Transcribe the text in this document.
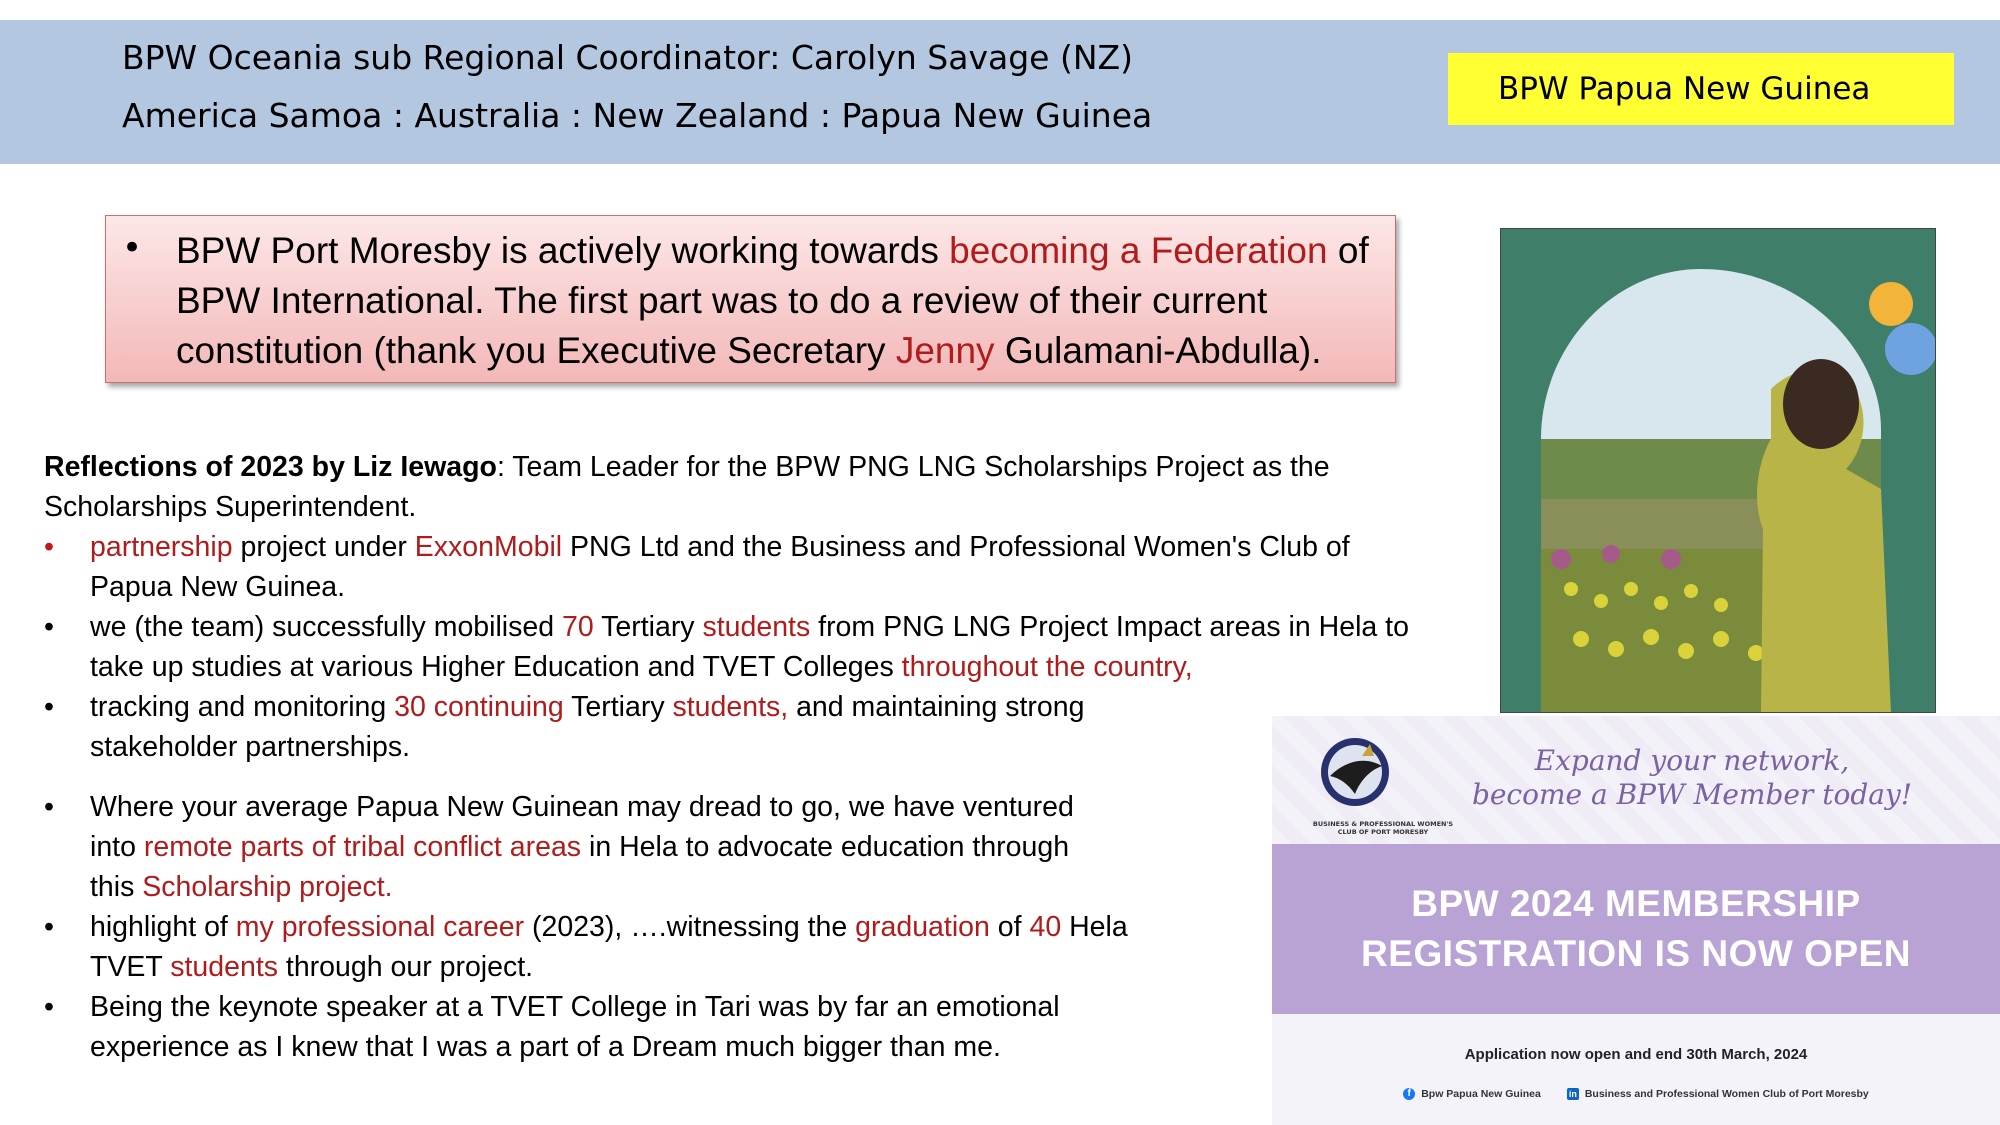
BPW Oceania sub Regional Coordinator: Carolyn Savage (NZ)
America Samoa : Australia : New Zealand : Papua New Guinea
BPW Papua New Guinea
• BPW Port Moresby is actively working towards becoming a Federation of BPW International. The first part was to do a review of their current constitution (thank you Executive Secretary Jenny Gulamani-Abdulla).

Reflections of 2023 by Liz Iewago: Team Leader for the BPW PNG LNG Scholarships Project as the Scholarships Superintendent.

• partnership project under ExxonMobil PNG Ltd and the Business and Professional Women's Club of Papua New Guinea.
• we (the team) successfully mobilised 70 Tertiary students from PNG LNG Project Impact areas in Hela to take up studies at various Higher Education and TVET Colleges throughout the country,
• tracking and monitoring 30 continuing Tertiary students, and maintaining strong stakeholder partnerships.
• Where your average Papua New Guinean may dread to go, we have ventured into remote parts of tribal conflict areas in Hela to advocate education through this Scholarship project.
• highlight of my professional career (2023), ….witnessing the graduation of 40 Hela TVET students through our project.
• Being the keynote speaker at a TVET College in Tari was by far an emotional experience as I knew that I was a part of a Dream much bigger than me.
BUSINESS & PROFESSIONAL WOMEN'S CLUB OF PORT MORESBY
Expand your network,
become a BPW Member today!
BPW 2024 MEMBERSHIP
REGISTRATION IS NOW OPEN
Application now open and end 30th March, 2024
f Bpw Papua New Guinea	in Business and Professional Women Club of Port Moresby
